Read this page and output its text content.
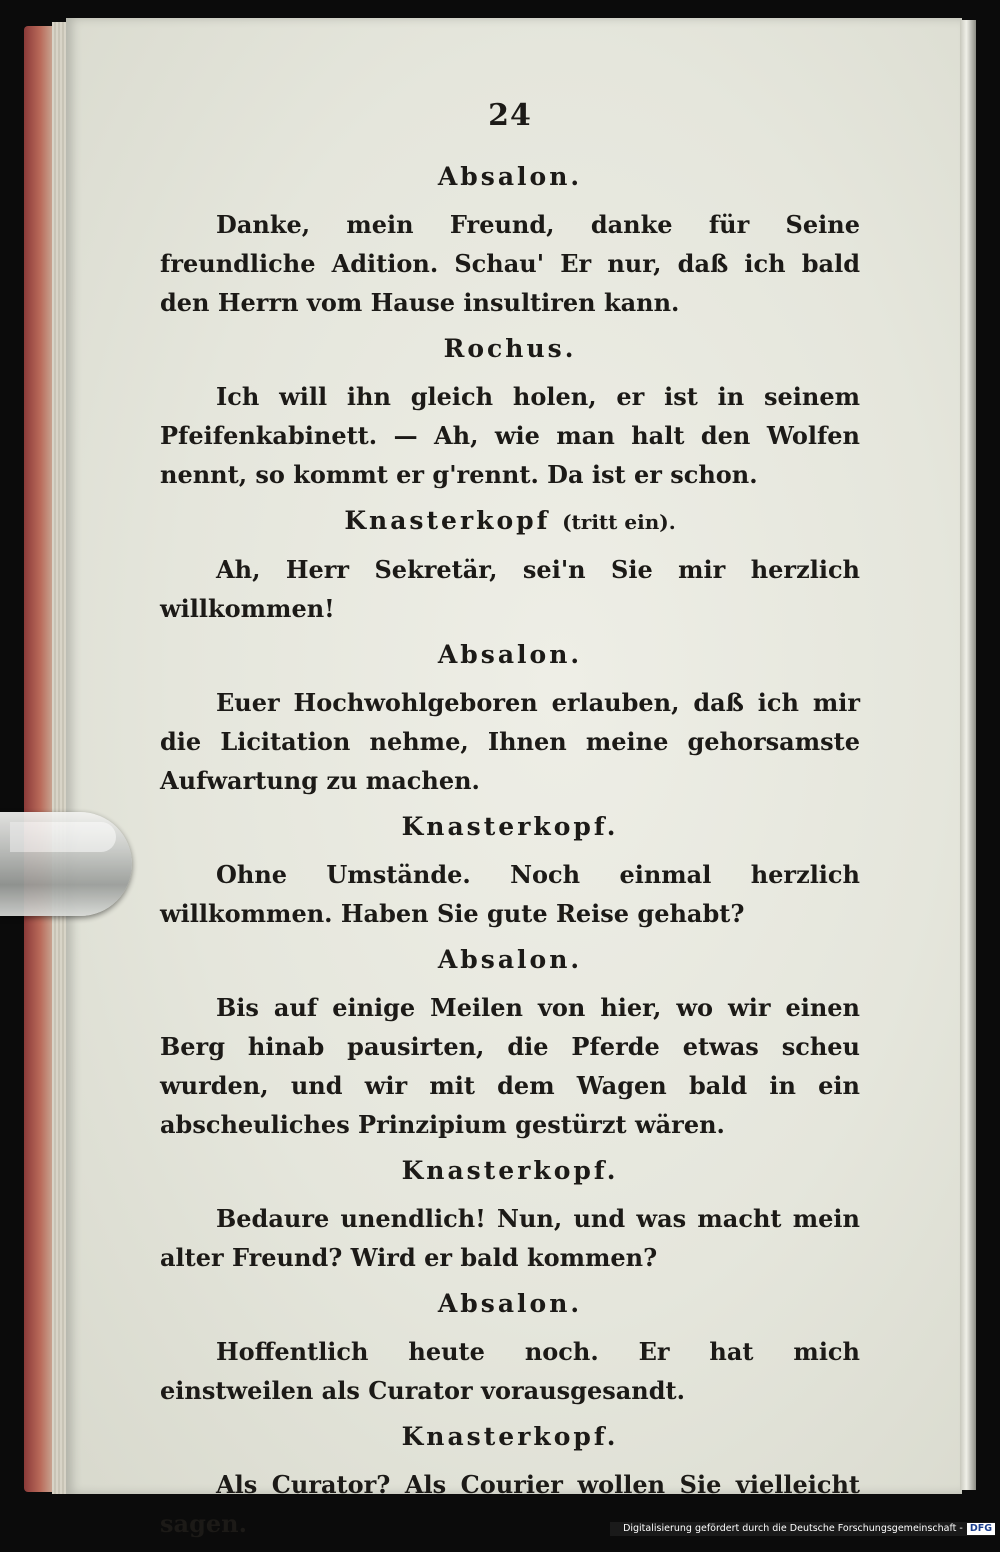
24
Absalon.

Danke, mein Freund, danke für Seine freundliche Adition. Schau' Er nur, daß ich bald den Herrn vom Hause insultiren kann.

Rochus.

Ich will ihn gleich holen, er ist in seinem Pfeifenkabinett. — Ah, wie man halt den Wolfen nennt, so kommt er g'rennt. Da ist er schon.

Knasterkopf (tritt ein).

Ah, Herr Sekretär, sei'n Sie mir herzlich willkommen!

Absalon.

Euer Hochwohlgeboren erlauben, daß ich mir die Licitation nehme, Ihnen meine gehorsamste Aufwartung zu machen.

Knasterkopf.

Ohne Umstände. Noch einmal herzlich willkommen. Haben Sie gute Reise gehabt?

Absalon.

Bis auf einige Meilen von hier, wo wir einen Berg hinab pausirten, die Pferde etwas scheu wurden, und wir mit dem Wagen bald in ein abscheuliches Prinzipium gestürzt wären.

Knasterkopf.

Bedaure unendlich! Nun, und was macht mein alter Freund? Wird er bald kommen?

Absalon.

Hoffentlich heute noch. Er hat mich einstweilen als Curator vorausgesandt.

Knasterkopf.

Als Curator? Als Courier wollen Sie vielleicht sagen.	Digitalisierung gefördert durch die Deutsche Forschungsgemeinschaft - DFG
